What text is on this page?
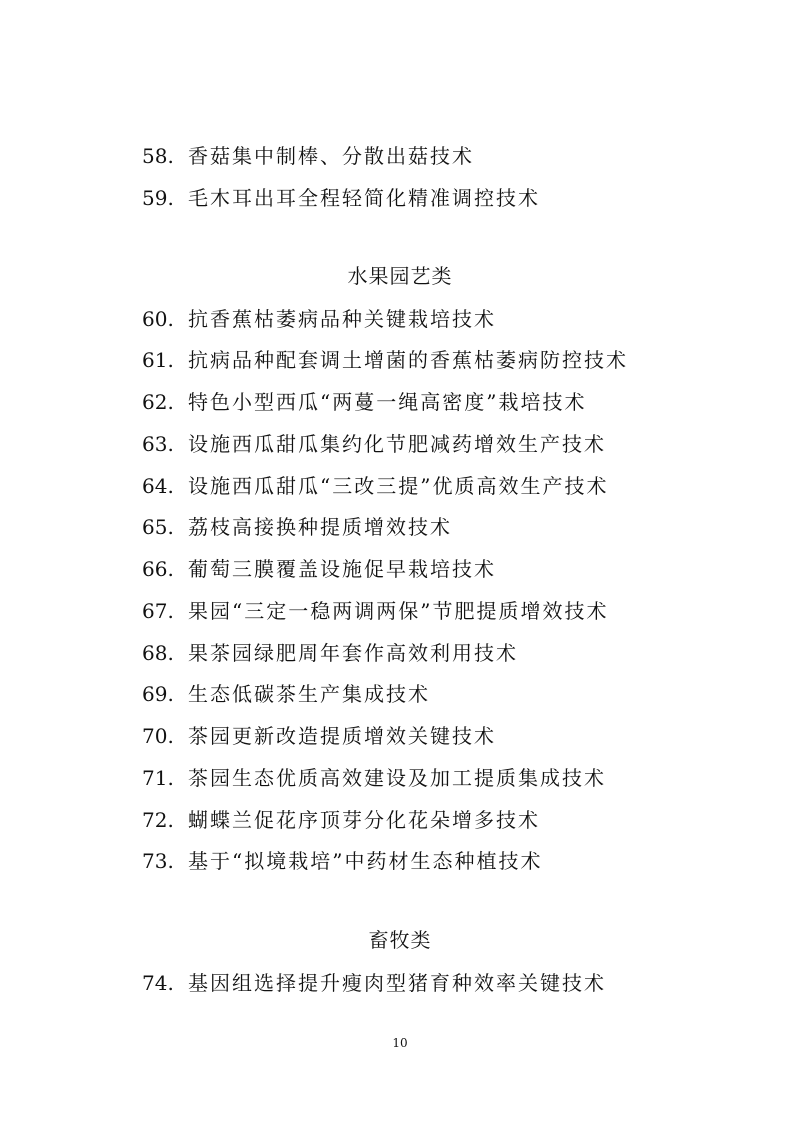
58. 香菇集中制棒、分散出菇技术
59. 毛木耳出耳全程轻简化精准调控技术
水果园艺类
60. 抗香蕉枯萎病品种关键栽培技术
61. 抗病品种配套调土增菌的香蕉枯萎病防控技术
62. 特色小型西瓜“两蔓一绳高密度”栽培技术
63. 设施西瓜甜瓜集约化节肥减药增效生产技术
64. 设施西瓜甜瓜“三改三提”优质高效生产技术
65. 荔枝高接换种提质增效技术
66. 葡萄三膜覆盖设施促早栽培技术
67. 果园“三定一稳两调两保”节肥提质增效技术
68. 果茶园绿肥周年套作高效利用技术
69. 生态低碳茶生产集成技术
70. 茶园更新改造提质增效关键技术
71. 茶园生态优质高效建设及加工提质集成技术
72. 蝴蝶兰促花序顶芽分化花朵增多技术
73. 基于“拟境栽培”中药材生态种植技术
畜牧类
74. 基因组选择提升瘦肉型猪育种效率关键技术
10
